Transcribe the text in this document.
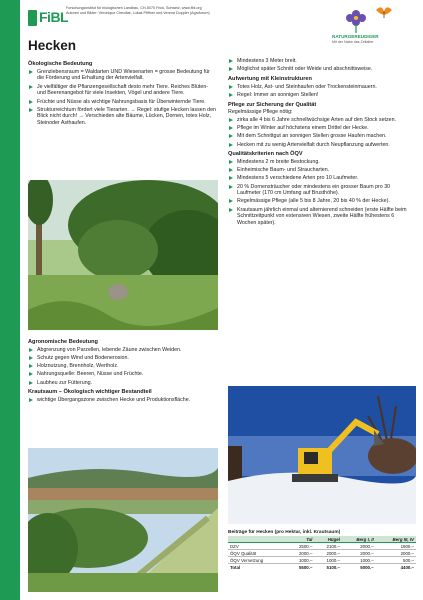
FiBL
Forschungsinstitut für biologischen Landbau, CH-5070 Frick, Schweiz, www.fibl.org
Autoren und Bilder: Véronique Chevillat, Lukas Pfiffner und Verena Doppler (Agroforum)
NATURGEREUDIGER
Mit der Natur das Zeitalter
Hecken
Ökologische Bedeutung
Grenzlebensraum = Waldarten UND Wiesenarten = grosse Bedeutung für die Förderung und Erhaltung der Artenvielfalt.
Je vielfältiger die Pflanzengesellschaft desto mehr Tiere. Reiches Blüten- und Beerenangebot für viele Insekten, Vögel und andere Tiere.
Früchte und Nüsse als wichtige Nahrungsbasis für Überwinternde Tiere.
Strukturreichtum fördert viele Tierarten. → Regel: stufige Hecken lassen den Blick nicht durch! → Verschieden alte Bäume, Lücken, Dornen, totes Holz, Steinoder Asthaufen.
Agronomische Bedeutung
Abgrenzung von Parzellen, lebende Zäune zwischen Weiden.
Schutz gegen Wind und Bodenerosion.
Holznutzung, Brennholz, Wertholz.
Nahrungsquelle: Beeren, Nüsse und Früchte.
Laubheu zur Fütterung.
Krautsaum – Ökologisch wichtiger Bestandteil
wichtige Übergangszone zwischen Hecke und Produktionsfläche.
Mindestens 3 Meter breit.
Möglichst später Schnitt oder Weide und abschnittsweise.
Aufwertung mit Kleinstrukturen
Totes Holz, Ast- und Steinhaufen oder Trockensteinmauern.
Regel: Immer an sonnigen Stellen!
Pflege zur Sicherung der Qualität
Regelmässige Pflege nötig:
zirka alle 4 bis 6 Jahre schnellwüchsige Arten auf den Stock setzen.
Pflege im Winter auf höchstens einem Drittel der Hecke.
Mit dem Schnittgut an sonnigen Stellen grosse Haufen machen.
Hecken mit zu wenig Artenvielfalt durch Neupflanzung aufwerten.
Qualitätskriterien nach ÖQV
Mindestens 2 m breite Bestockung.
Einheimische Baum- und Straucharten.
Mindestens 5 verschiedene Arten pro 10 Laufmeter.
20 % Dornensträucher oder mindestens ein grosser Baum pro 30 Laufmeter (170 cm Umfang auf Brusthöhe).
Regelmässige Pflege (alle 5 bis 8 Jahre, 20 bis 40 % der Hecke).
Krautsaum jährlich einmal und alternierend schneiden (erste Hälfte beim Schnittzeitpunkt von extensiven Wiesen, zweite Hälfte frühestens 6 Wochen später).
Beiträge für Hecken (pro Hektar, inkl. Krautsaum)
	Tal	Hügel	Berg I, II	Berg III, IV
DZV	2500.–	2100.–	2000.–	1900.–
ÖQV Qualität	2000.–	2000.–	2000.–	2000.–
ÖQV Vernetzung	1000.–	1000.–	1000.–	500.–
Total	5500.–	5100.–	5000.–	4400.–
